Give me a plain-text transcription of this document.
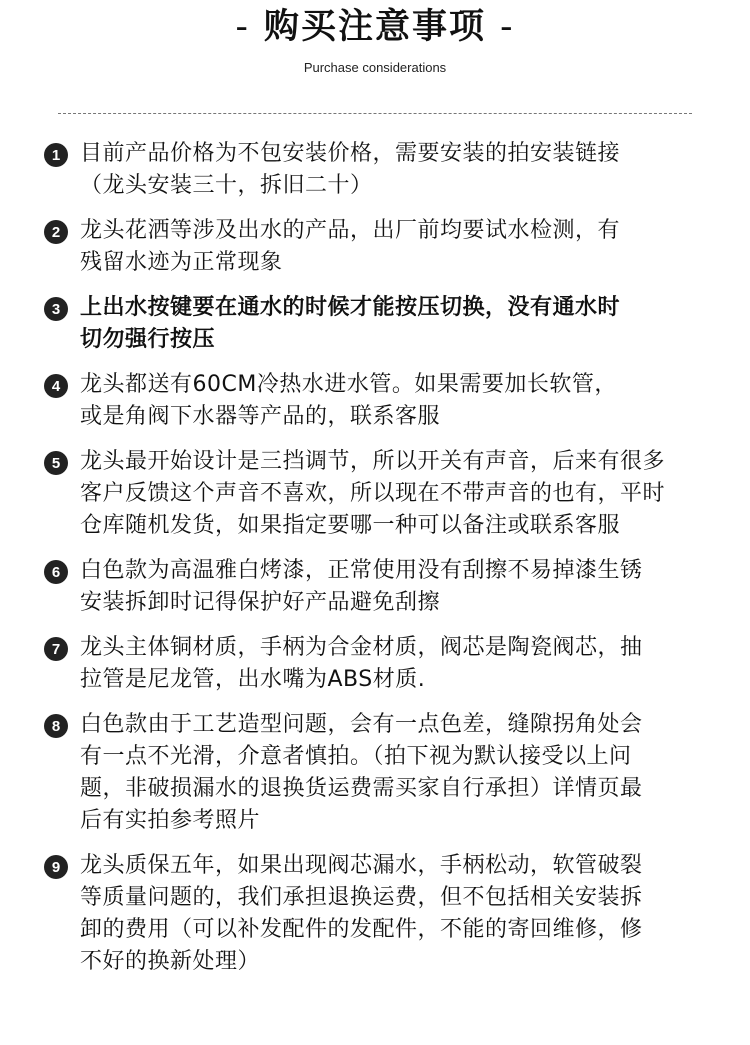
- 购买注意事项 -
Purchase considerations
1 目前产品价格为不包安装价格，需要安装的拍安装链接
（龙头安装三十，拆旧二十）
2 龙头花洒等涉及出水的产品，出厂前均要试水检测，有
残留水迹为正常现象
3 上出水按键要在通水的时候才能按压切换，没有通水时
切勿强行按压
4 龙头都送有60CM冷热水进水管。如果需要加长软管，
或是角阀下水器等产品的，联系客服
5 龙头最开始设计是三挡调节，所以开关有声音，后来有很多
客户反馈这个声音不喜欢，所以现在不带声音的也有，平时
仓库随机发货，如果指定要哪一种可以备注或联系客服
6 白色款为高温雅白烤漆，正常使用没有刮擦不易掉漆生锈
安装拆卸时记得保护好产品避免刮擦
7 龙头主体铜材质，手柄为合金材质，阀芯是陶瓷阀芯，抽
拉管是尼龙管，出水嘴为ABS材质.
8 白色款由于工艺造型问题，会有一点色差，缝隙拐角处会
有一点不光滑，介意者慎拍。（拍下视为默认接受以上问
题，非破损漏水的退换货运费需买家自行承担）详情页最
后有实拍参考照片
9 龙头质保五年，如果出现阀芯漏水，手柄松动，软管破裂
等质量问题的，我们承担退换运费，但不包括相关安装拆
卸的费用（可以补发配件的发配件，不能的寄回维修，修
不好的换新处理）
